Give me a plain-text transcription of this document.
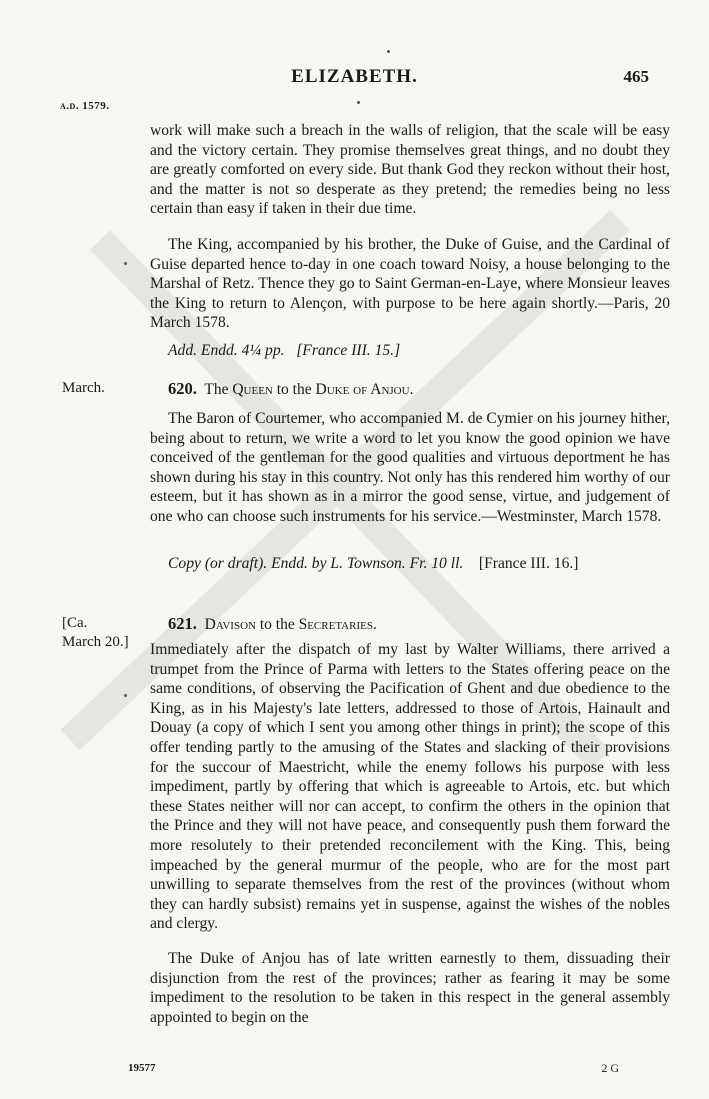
ELIZABETH.	465
a.d. 1579.

work will make such a breach in the walls of religion, that the scale will be easy and the victory certain. They promise themselves great things, and no doubt they are greatly comforted on every side. But thank God they reckon without their host, and the matter is not so desperate as they pretend; the remedies being no less certain than easy if taken in their due time.

The King, accompanied by his brother, the Duke of Guise, and the Cardinal of Guise departed hence to-day in one coach toward Noisy, a house belonging to the Marshal of Retz. Thence they go to Saint German-en-Laye, where Monsieur leaves the King to return to Alençon, with purpose to be here again shortly.—Paris, 20 March 1578.

Add. Endd. 4¼ pp. [France III. 15.]

March.	620. The Queen to the Duke of Anjou.

The Baron of Courtemer, who accompanied M. de Cymier on his journey hither, being about to return, we write a word to let you know the good opinion we have conceived of the gentleman for the good qualities and virtuous deportment he has shown during his stay in this country. Not only has this rendered him worthy of our esteem, but it has shown as in a mirror the good sense, virtue, and judgement of one who can choose such instruments for his service.—Westminster, March 1578.

Copy (or draft). Endd. by L. Townson. Fr. 10 ll. [France III. 16.]

[Ca.
March 20.]

621. Davison to the Secretaries.

Immediately after the dispatch of my last by Walter Williams, there arrived a trumpet from the Prince of Parma with letters to the States offering peace on the same conditions, of observing the Pacification of Ghent and due obedience to the King, as in his Majesty's late letters, addressed to those of Artois, Hainault and Douay (a copy of which I sent you among other things in print); the scope of this offer tending partly to the amusing of the States and slacking of their provisions for the succour of Maestricht, while the enemy follows his purpose with less impediment, partly by offering that which is agreeable to Artois, etc. but which these States neither will nor can accept, to confirm the others in the opinion that the Prince and they will not have peace, and consequently push them forward the more resolutely to their pretended reconcilement with the King. This, being impeached by the general murmur of the people, who are for the most part unwilling to separate themselves from the rest of the provinces (without whom they can hardly subsist) remains yet in suspense, against the wishes of the nobles and clergy.

The Duke of Anjou has of late written earnestly to them, dissuading their disjunction from the rest of the provinces; rather as fearing it may be some impediment to the resolution to be taken in this respect in the general assembly appointed to begin on the

19577	2 G
